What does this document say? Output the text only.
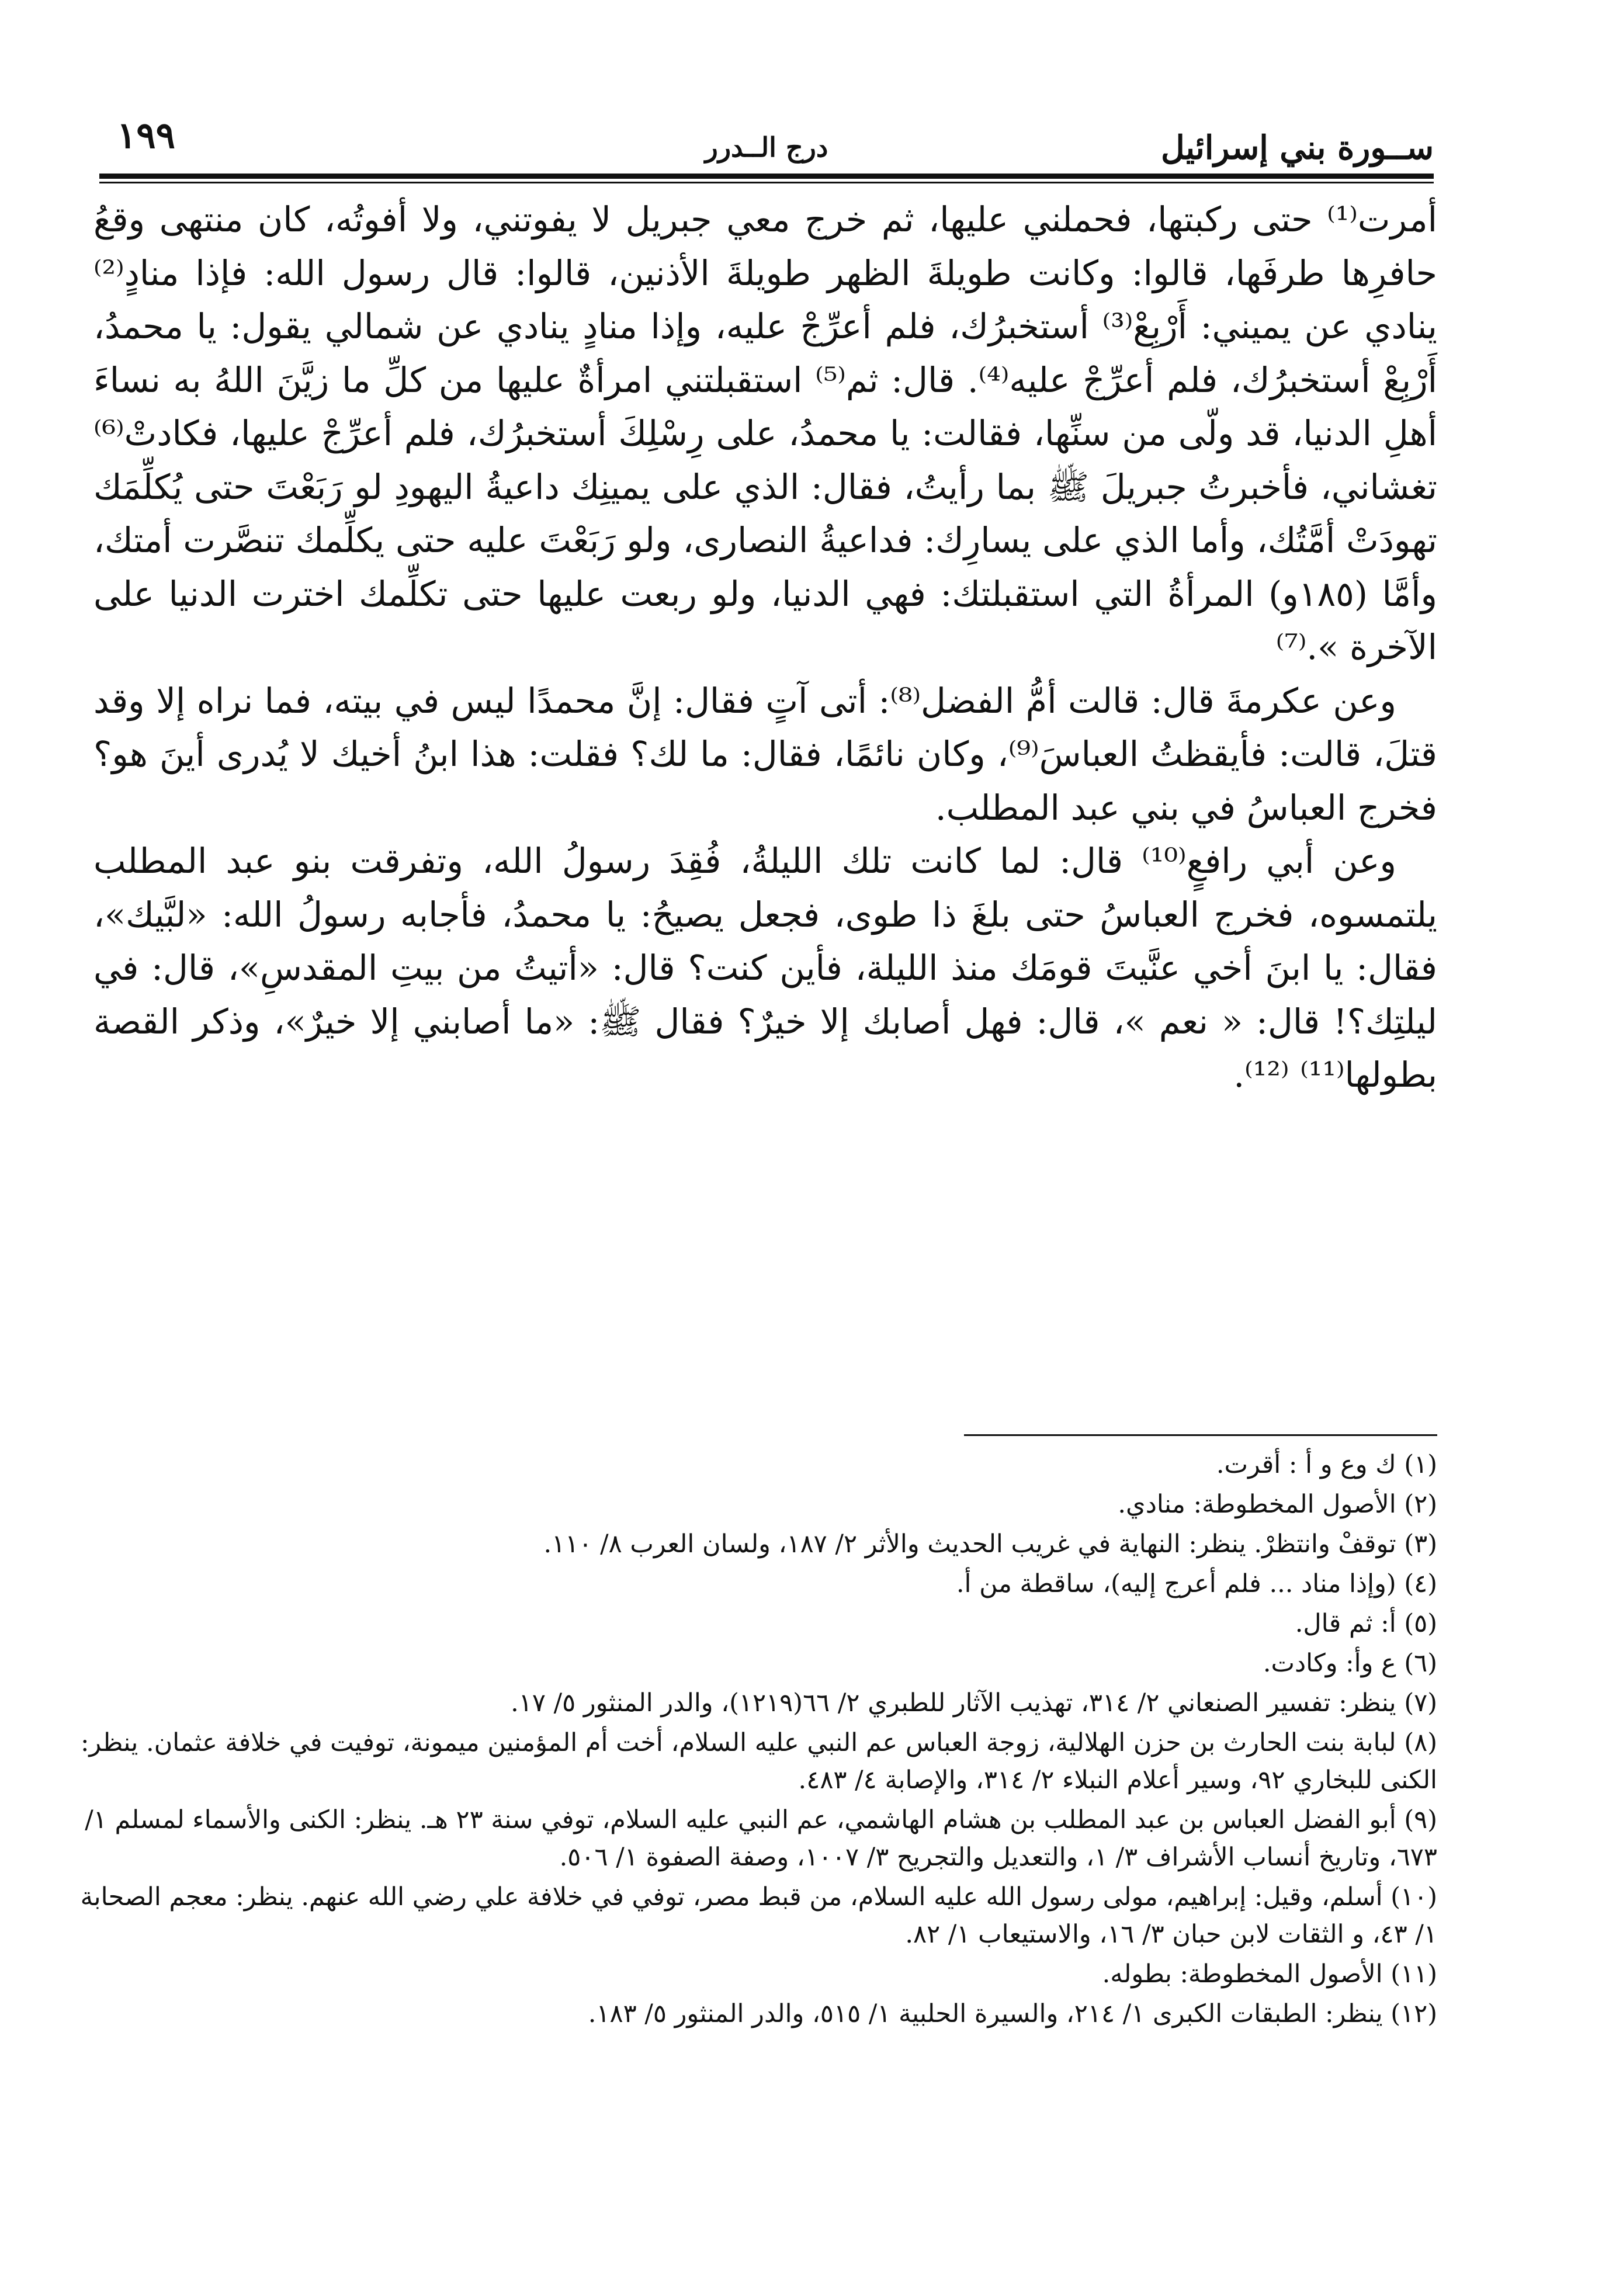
ســورة بني إسرائيل
درج الــدرر
١٩٩

أمرت⁽¹⁾ حتى ركبتها، فحملني عليها، ثم خرج معي جبريل لا يفوتني، ولا أفوتُه، كان منتهى وقعُ حافرِها طرفَها، قالوا: وكانت طويلةَ الظهر طويلةَ الأذنين، قالوا: قال رسول الله: فإذا منادٍ⁽²⁾ ينادي عن يميني: أَرْبِعْ⁽³⁾ أستخبرُك، فلم أعرِّجْ عليه، وإذا منادٍ ينادي عن شمالي يقول: يا محمدُ، أَرْبِعْ أستخبرُك، فلم أعرِّجْ عليه⁽⁴⁾. قال: ثم⁽⁵⁾ استقبلتني امرأةٌ عليها من كلِّ ما زيَّنَ اللهُ به نساءَ أهلِ الدنيا، قد ولّى من سنِّها، فقالت: يا محمدُ، على رِسْلِكَ أستخبرُك، فلم أعرِّجْ عليها، فكادتْ⁽⁶⁾ تغشاني، فأخبرتُ جبريلَ ﷺ بما رأيتُ، فقال: الذي على يمينِك داعيةُ اليهودِ لو رَبَعْتَ حتى يُكلِّمَك تهودَتْ أمَّتُك، وأما الذي على يسارِك: فداعيةُ النصارى، ولو رَبَعْتَ عليه حتى يكلِّمك تنصَّرت أمتك، وأمَّا (١٨٥و) المرأةُ التي استقبلتك: فهي الدنيا، ولو ربعت عليها حتى تكلِّمك اخترت الدنيا على الآخرة ».⁽⁷⁾

وعن عكرمةَ قال: قالت أمُّ الفضل⁽⁸⁾: أتى آتٍ فقال: إنَّ محمدًا ليس في بيته، فما نراه إلا وقد قتلَ، قالت: فأيقظتُ العباسَ⁽⁹⁾، وكان نائمًا، فقال: ما لك؟ فقلت: هذا ابنُ أخيك لا يُدرى أينَ هو؟ فخرج العباسُ في بني عبد المطلب.

وعن أبي رافعٍ⁽¹⁰⁾ قال: لما كانت تلك الليلةُ، فُقِدَ رسولُ الله، وتفرقت بنو عبد المطلب يلتمسوه، فخرج العباسُ حتى بلغَ ذا طوى، فجعل يصيحُ: يا محمدُ، فأجابه رسولُ الله: «لبَّيك»، فقال: يا ابنَ أخي عنَّيتَ قومَك منذ الليلة، فأين كنت؟ قال: «أتيتُ من بيتِ المقدسِ»، قال: في ليلتِك؟! قال: « نعم »، قال: فهل أصابك إلا خيرٌ؟ فقال ﷺ: «ما أصابني إلا خيرٌ»، وذكر القصة بطولها⁽¹¹⁾ ⁽¹²⁾.

(١) ك وع و أ : أقرت.

(٢) الأصول المخطوطة: منادي.

(٣) توقفْ وانتظرْ. ينظر: النهاية في غريب الحديث والأثر ٢/ ١٨٧، ولسان العرب ٨/ ١١٠.

(٤) (وإذا مناد ... فلم أعرج إليه)، ساقطة من أ.

(٥) أ: ثم قال.

(٦) ع وأ: وكادت.

(٧) ينظر: تفسير الصنعاني ٢/ ٣١٤، تهذيب الآثار للطبري ٢/ ٦٦(١٢١٩)، والدر المنثور ٥/ ١٧.

(٨) لبابة بنت الحارث بن حزن الهلالية، زوجة العباس عم النبي عليه السلام، أخت أم المؤمنين ميمونة، توفيت في خلافة عثمان. ينظر: الكنى للبخاري ٩٢، وسير أعلام النبلاء ٢/ ٣١٤، والإصابة ٤/ ٤٨٣.

(٩) أبو الفضل العباس بن عبد المطلب بن هشام الهاشمي، عم النبي عليه السلام، توفي سنة ٢٣ هـ. ينظر: الكنى والأسماء لمسلم ١/ ٦٧٣، وتاريخ أنساب الأشراف ٣/ ١، والتعديل والتجريح ٣/ ١٠٠٧، وصفة الصفوة ١/ ٥٠٦.

(١٠) أسلم، وقيل: إبراهيم، مولى رسول الله عليه السلام، من قبط مصر، توفي في خلافة علي رضي الله عنهم. ينظر: معجم الصحابة ١/ ٤٣، و الثقات لابن حبان ٣/ ١٦، والاستيعاب ١/ ٨٢.

(١١) الأصول المخطوطة: بطوله.

(١٢) ينظر: الطبقات الكبرى ١/ ٢١٤، والسيرة الحلبية ١/ ٥١٥، والدر المنثور ٥/ ١٨٣.
